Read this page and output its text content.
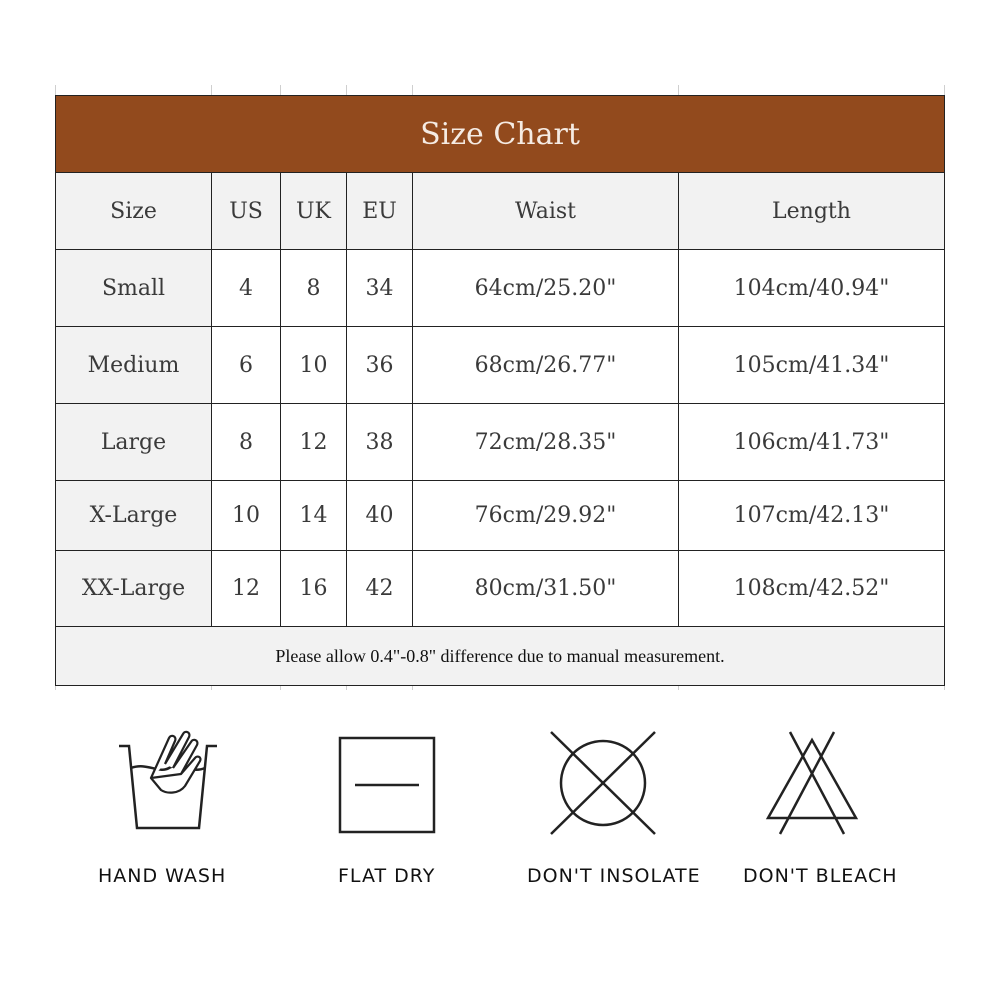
Size Chart
Size	US	UK	EU	Waist	Length
Small	4	8	34	64cm/25.20"	104cm/40.94"
Medium	6	10	36	68cm/26.77"	105cm/41.34"
Large	8	12	38	72cm/28.35"	106cm/41.73"
X-Large	10	14	40	76cm/29.92"	107cm/42.13"
XX-Large	12	16	42	80cm/31.50"	108cm/42.52"
Please allow 0.4"-0.8" difference due to manual measurement.
HAND WASH	FLAT DRY	DON'T INSOLATE DON'T BLEACH
